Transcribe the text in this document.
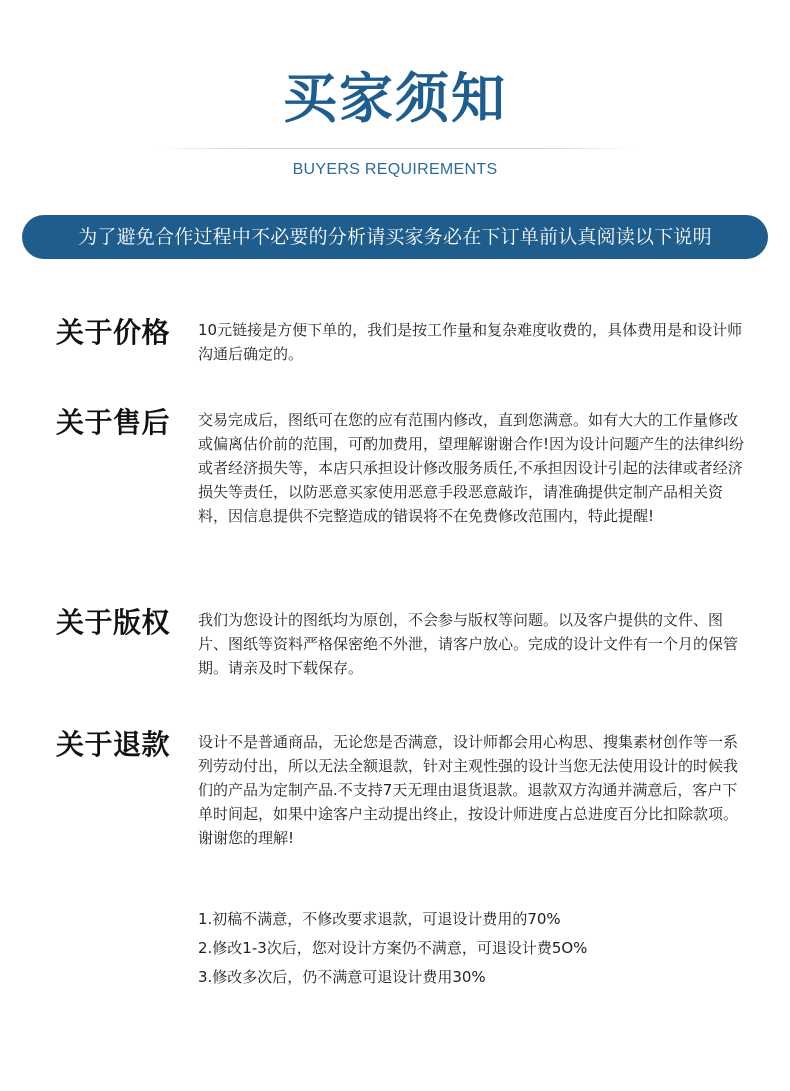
买家须知
BUYERS REQUIREMENTS
为了避免合作过程中不必要的分析请买家务必在下订单前认真阅读以下说明
关于价格 10元链接是方便下单的，我们是按工作量和复杂难度收费的，具体费用是和设计师沟通后确定的。
关于售后 交易完成后，图纸可在您的应有范围内修改，直到您满意。如有大大的工作量修改或偏离估价前的范围，可酌加费用，望理解谢谢合作!因为设计问题产生的法律纠纷或者经济损失等，本店只承担设计修改服务质任,不承担因设计引起的法律或者经济损失等责任，以防恶意买家使用恶意手段恶意敲诈，请准确提供定制产品相关资料，因信息提供不完整造成的错误将不在免费修改范围内，特此提醒!
关于版权 我们为您设计的图纸均为原创，不会参与版权等问题。以及客户提供的文件、图片、图纸等资料严格保密绝不外泄，请客户放心。完成的设计文件有一个月的保管期。请亲及时下载保存。
关于退款 设计不是普通商品，无论您是否满意，设计师都会用心构思、搜集素材创作等一系列劳动付出，所以无法全额退款，针对主观性强的设计当您无法使用设计的时候我们的产品为定制产品.不支持7天无理由退货退款。退款双方沟通并满意后，客户下单时间起，如果中途客户主动提出终止，按设计师进度占总进度百分比扣除款项。谢谢您的理解!
1.初稿不满意，不修改要求退款，可退设计费用的70%
2.修改1-3次后，您对设计方案仍不满意，可退设计费5O%
3.修改多次后，仍不满意可退设计费用30%
